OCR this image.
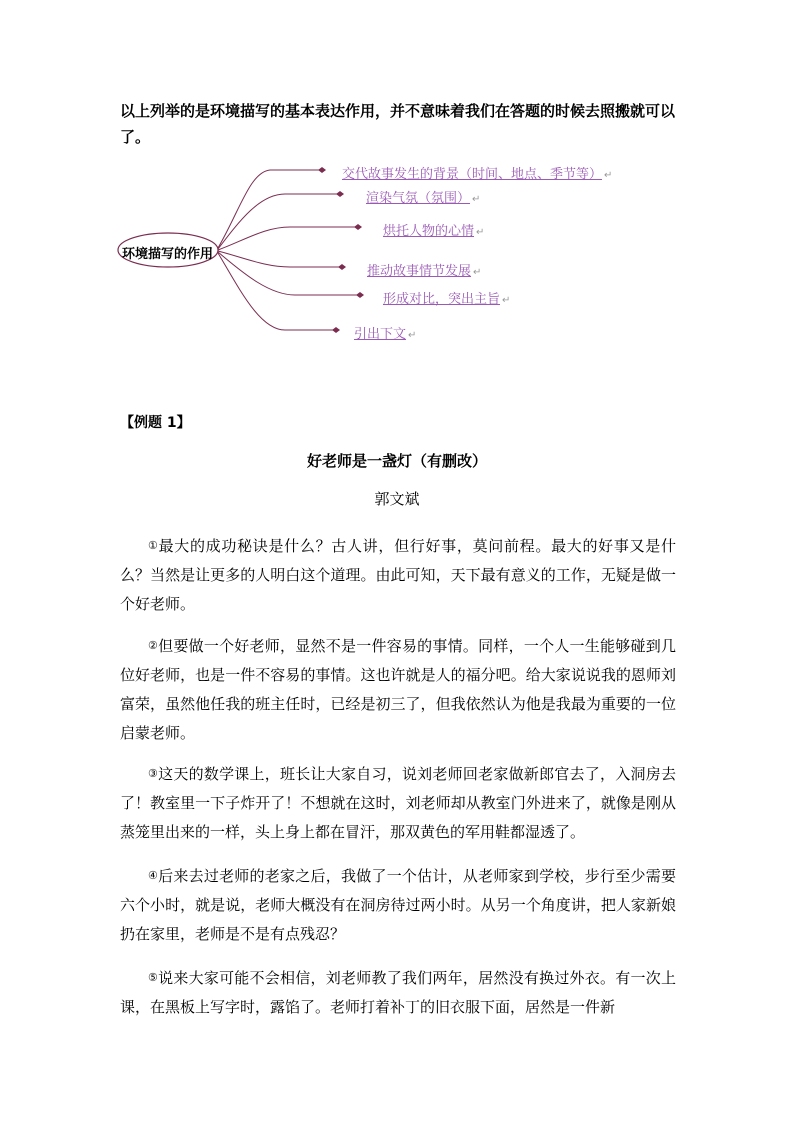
以上列举的是环境描写的基本表达作用，并不意味着我们在答题的时候去照搬就可以了。
环境描写的作用
交代故事发生的背景（时间、地点、季节等） ↵
渲染气氛（氛围） ↵
烘托人物的心情 ↵
推动故事情节发展 ↵
形成对比，突出主旨 ↵
引出下文 ↵
【例题 1】
好老师是一盏灯（有删改）
郭文斌
①最大的成功秘诀是什么？古人讲，但行好事，莫问前程。最大的好事又是什么？当然是让更多的人明白这个道理。由此可知，天下最有意义的工作，无疑是做一个好老师。
②但要做一个好老师，显然不是一件容易的事情。同样，一个人一生能够碰到几位好老师，也是一件不容易的事情。这也许就是人的福分吧。给大家说说我的恩师刘富荣，虽然他任我的班主任时，已经是初三了，但我依然认为他是我最为重要的一位启蒙老师。
③这天的数学课上，班长让大家自习，说刘老师回老家做新郎官去了，入洞房去了！教室里一下子炸开了！不想就在这时，刘老师却从教室门外进来了，就像是刚从蒸笼里出来的一样，头上身上都在冒汗，那双黄色的军用鞋都湿透了。
④后来去过老师的老家之后，我做了一个估计，从老师家到学校，步行至少需要六个小时，就是说，老师大概没有在洞房待过两小时。从另一个角度讲，把人家新娘扔在家里，老师是不是有点残忍？
⑤说来大家可能不会相信，刘老师教了我们两年，居然没有换过外衣。有一次上课，在黑板上写字时，露馅了。老师打着补丁的旧衣服下面，居然是一件新
